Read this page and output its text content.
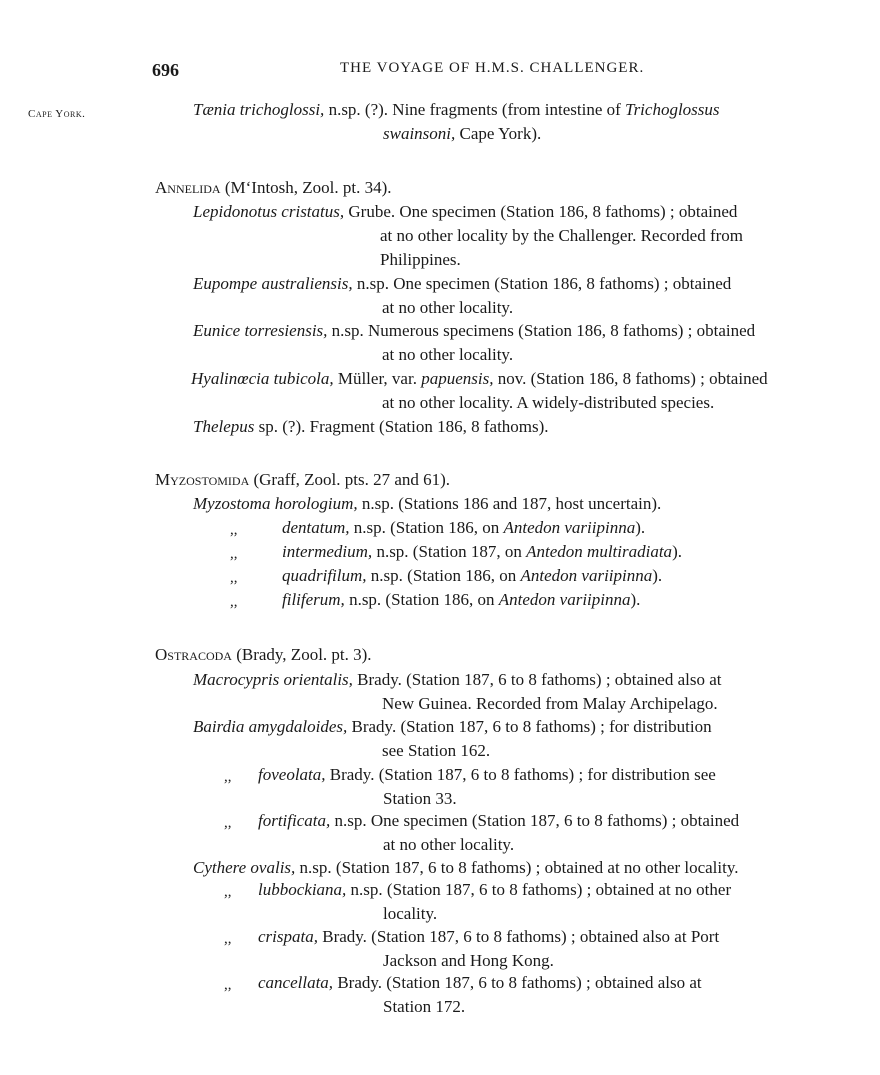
696	THE VOYAGE OF H.M.S. CHALLENGER.
Cape York.	Tænia trichoglossi, n.sp. (?). Nine fragments (from intestine of Trichoglossus
swainsoni, Cape York).
Annelida (M‘Intosh, Zool. pt. 34).
Lepidonotus cristatus, Grube. One specimen (Station 186, 8 fathoms) ; obtained
at no other locality by the Challenger. Recorded from
Philippines.
Eupompe australiensis, n.sp. One specimen (Station 186, 8 fathoms) ; obtained
at no other locality.
Eunice torresiensis, n.sp. Numerous specimens (Station 186, 8 fathoms) ; obtained
at no other locality.
Hyalinœcia tubicola, Müller, var. papuensis, nov. (Station 186, 8 fathoms) ; obtained
at no other locality. A widely-distributed species.
Thelepus sp. (?). Fragment (Station 186, 8 fathoms).
Myzostomida (Graff, Zool. pts. 27 and 61).
Myzostoma horologium, n.sp. (Stations 186 and 187, host uncertain).
,,	dentatum, n.sp. (Station 186, on Antedon variipinna).
,,	intermedium, n.sp. (Station 187, on Antedon multiradiata).
,,	quadrifilum, n.sp. (Station 186, on Antedon variipinna).
,,	filiferum, n.sp. (Station 186, on Antedon variipinna).
Ostracoda (Brady, Zool. pt. 3).
Macrocypris orientalis, Brady. (Station 187, 6 to 8 fathoms) ; obtained also at
New Guinea. Recorded from Malay Archipelago.
Bairdia amygdaloides, Brady. (Station 187, 6 to 8 fathoms) ; for distribution
see Station 162.
,, foveolata, Brady. (Station 187, 6 to 8 fathoms) ; for distribution see
Station 33.
,, fortificata, n.sp. One specimen (Station 187, 6 to 8 fathoms) ; obtained
at no other locality.
Cythere ovalis, n.sp. (Station 187, 6 to 8 fathoms) ; obtained at no other locality.
,, lubbockiana, n.sp. (Station 187, 6 to 8 fathoms) ; obtained at no other
locality.
,, crispata, Brady. (Station 187, 6 to 8 fathoms) ; obtained also at Port
Jackson and Hong Kong.
,, cancellata, Brady. (Station 187, 6 to 8 fathoms) ; obtained also at
Station 172.
